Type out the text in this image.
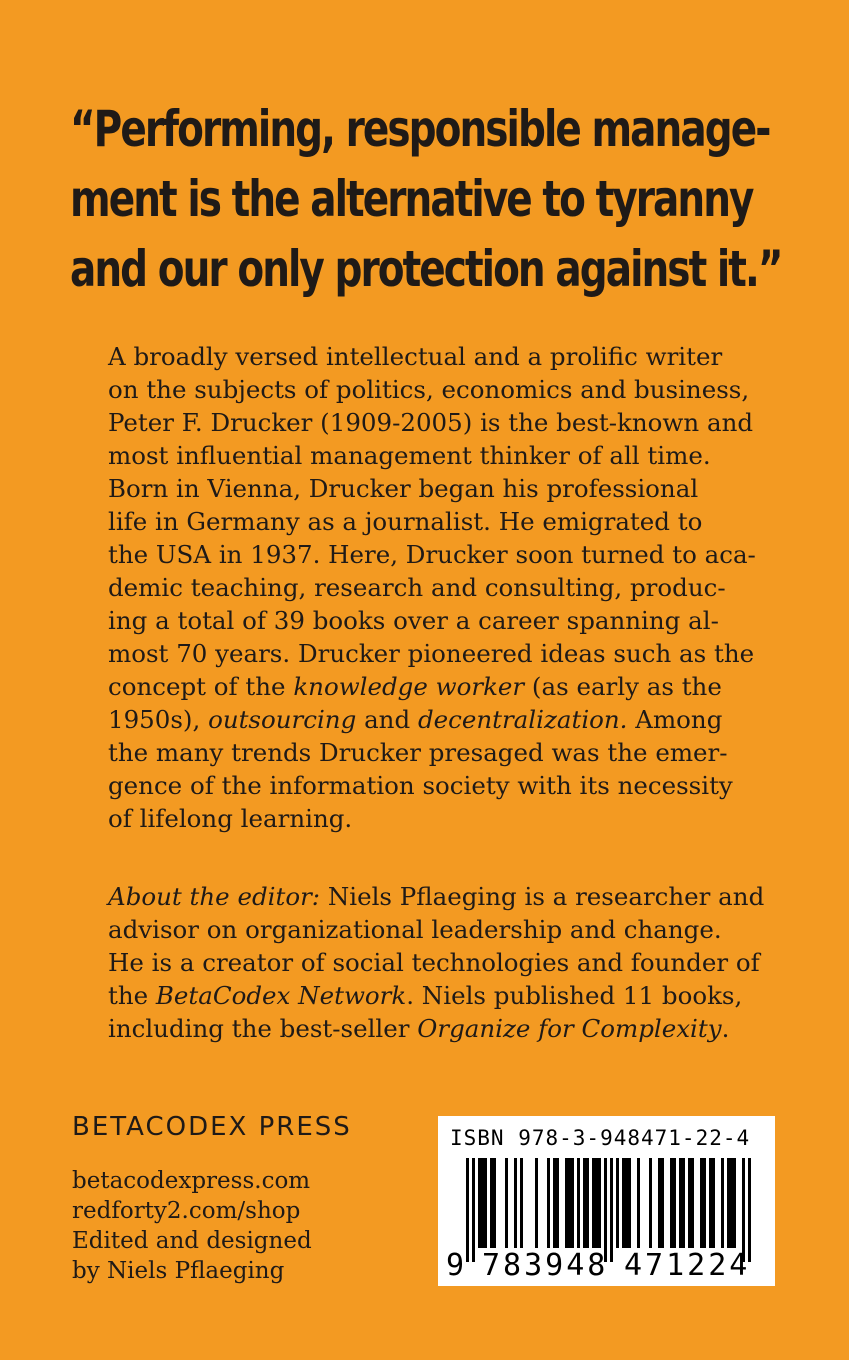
“Performing, responsible manage-
ment is the alternative to tyranny
and our only protection against it.”
A broadly versed intellectual and a prolific writer
on the subjects of politics, economics and business,
Peter F. Drucker (1909-2005) is the best-known and
most influential management thinker of all time.
Born in Vienna, Drucker began his professional
life in Germany as a journalist. He emigrated to
the USA in 1937. Here, Drucker soon turned to aca-
demic teaching, research and consulting, produc-
ing a total of 39 books over a career spanning al-
most 70 years. Drucker pioneered ideas such as the
concept of the knowledge worker (as early as the
1950s), outsourcing and decentralization. Among
the many trends Drucker presaged was the emer-
gence of the information society with its necessity
of lifelong learning.
About the editor: Niels Pflaeging is a researcher and
advisor on organizational leadership and change.
He is a creator of social technologies and founder of
the BetaCodex Network. Niels published 11 books,
including the best-seller Organize for Complexity.
BETACODEX PRESS
betacodexpress.com
redforty2.com/shop
Edited and designed
by Niels Pflaeging
ISBN 978-3-948471-22-4
9 783948 471224
